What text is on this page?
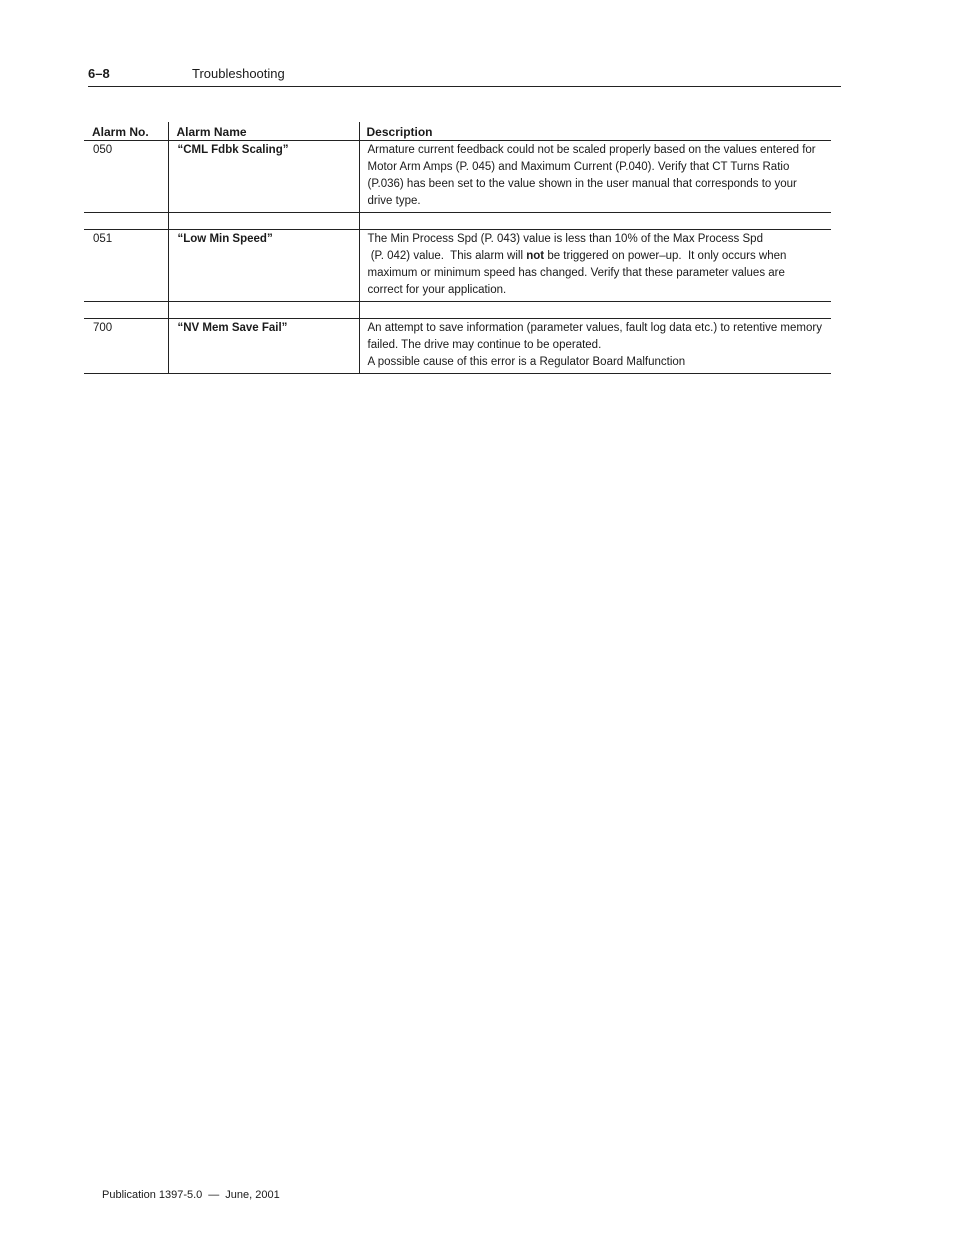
6–8	Troubleshooting
Alarm No.	Alarm Name	Description
050	“CML Fdbk Scaling”	Armature current feedback could not be scaled properly based on the values entered for
Motor Arm Amps (P. 045) and Maximum Current (P.040). Verify that CT Turns Ratio
(P.036) has been set to the value shown in the user manual that corresponds to your
drive type.

051	“Low Min Speed”	The Min Process Spd (P. 043) value is less than 10% of the Max Process Spd
(P. 042) value.  This alarm will not be triggered on power–up.  It only occurs when
maximum or minimum speed has changed. Verify that these parameter values are
correct for your application.

700	“NV Mem Save Fail”	An attempt to save information (parameter values, fault log data etc.) to retentive memory
failed. The drive may continue to be operated.
A possible cause of this error is a Regulator Board Malfunction
Publication 1397-5.0 — June, 2001
